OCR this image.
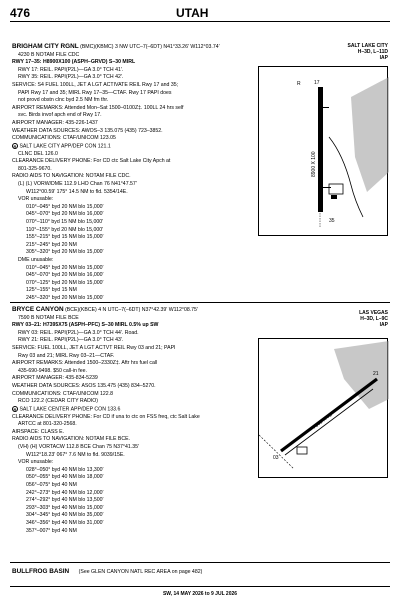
476	UTAH
SALT LAKE CITY
H–3D, L–11D
IAP
BRIGHAM CITY RGNL (BMC)(KBMC) 3 NW UTC–7(–6DT) N41°33.26′ W112°03.74′
4230 B NOTAM FILE CDC
RWY 17–35: H8900X100 (ASPH–GRVD) S–30 MIRL
RWY 17: REIL. PAPI(P2L)—GA 3.0° TCH 41′.
RWY 35: REIL. PAPI(P2L)—GA 3.0° TCH 42′.
SERVICE: S4 FUEL 100LL, JET A LGT ACTIVATE REIL Rwy 17 and 35;
PAPI Rwy 17 and 35; MIRL Rwy 17–35—CTAF. Rwy 17 PAPI does
not provd obstn clnc byd 2.5 NM fm thr.
AIRPORT REMARKS: Attended Mon–Sat 1500–0100Z‡. 100LL 24 hrs self
svc. Birds invof apch end of Rwy 17.
AIRPORT MANAGER: 435-226-1437
WEATHER DATA SOURCES: AWOS–3 135.075 (435) 723–3852.
COMMUNICATIONS: CTAF/UNICOM 123.05
R SALT LAKE CITY APP/DEP CON 121.1
CLNC DEL 126.0
CLEARANCE DELIVERY PHONE: For CD ctc Salt Lake City Apch at
801-325-9670.
RADIO AIDS TO NAVIGATION: NOTAM FILE CDC.
(L) (L) VORW/DME 112.9 LHO Chan 76 N41°47.57′
W112°00.59′ 175° 14.5 NM to fld. 5354/14E.
VOR unusable:
010°–045° byd 20 NM blo 15,000′
045°–070° byd 20 NM blo 16,000′
070°–110° byd 15 NM blo 15,000′
110°–155° byd 20 NM blo 15,000′
155°–215° byd 15 NM blo 15,000′
215°–245° byd 20 NM
305°–320° byd 20 NM blo 15,000′
DME unusable:
010°–045° byd 20 NM blo 15,000′
045°–070° byd 20 NM blo 16,000′
070°–125° byd 20 NM blo 15,000′
125°–155° byd 15 NM
245°–320° byd 20 NM blo 15,000′
R	17
35
8900 X 100
LAS VEGAS
H–3D, L–9C
IAP
BRYCE CANYON (BCE)(KBCE) 4 N UTC–7(–6DT) N37°42.39′ W112°08.75′
7590 B NOTAM FILE BCE
RWY 03–21: H7395X75 (ASPH–PFC) S–30 MIRL 0.5% up SW
RWY 03: REIL. PAPI(P2L)—GA 3.0° TCH 44′. Road.
RWY 21: REIL. PAPI(P2L)—GA 3.0° TCH 43′.
SERVICE: FUEL 100LL, JET A LGT ACTVT REIL Rwy 03 and 21; PAPI
Rwy 03 and 21; MIRL Rwy 03–21—CTAF.
AIRPORT REMARKS: Attended 1500–2330Z‡. Aftr hrs fuel call
435-690-9498. $50 call-in fee.
AIRPORT MANAGER: 435-834-5239
WEATHER DATA SOURCES: ASOS 135.475 (435) 834–5270.
COMMUNICATIONS: CTAF/UNICOM 122.8
RCO 122.2 (CEDAR CITY RADIO)
R SALT LAKE CENTER APP/DEP CON 133.6
CLEARANCE DELIVERY PHONE: For CD if una to ctc on FSS freq, ctc Salt Lake
ARTCC at 801-320-2568.
AIRSPACE: CLASS E.
RADIO AIDS TO NAVIGATION: NOTAM FILE BCE.
(VH) (H) VORTACW 112.8 BCE Chan 75 N37°41.35′
W112°18.23′ 067° 7.6 NM to fld. 9039/15E.
VOR unusable:
028°–050° byd 40 NM blo 13,300′
050°–055° byd 40 NM blo 18,000′
056°–075° byd 40 NM
242°–273° byd 40 NM blo 12,000′
274°–292° byd 40 NM blo 13,500′
293°–303° byd 40 NM blo 15,000′
304°–345° byd 40 NM blo 35,000′
346°–356° byd 40 NM blo 31,000′
357°–007° byd 40 NM
03
21
7395 X 75
BULLFROG BASIN (See GLEN CANYON NATL REC AREA on page 482)
SW, 14 MAY 2026 to 9 JUL 2026
